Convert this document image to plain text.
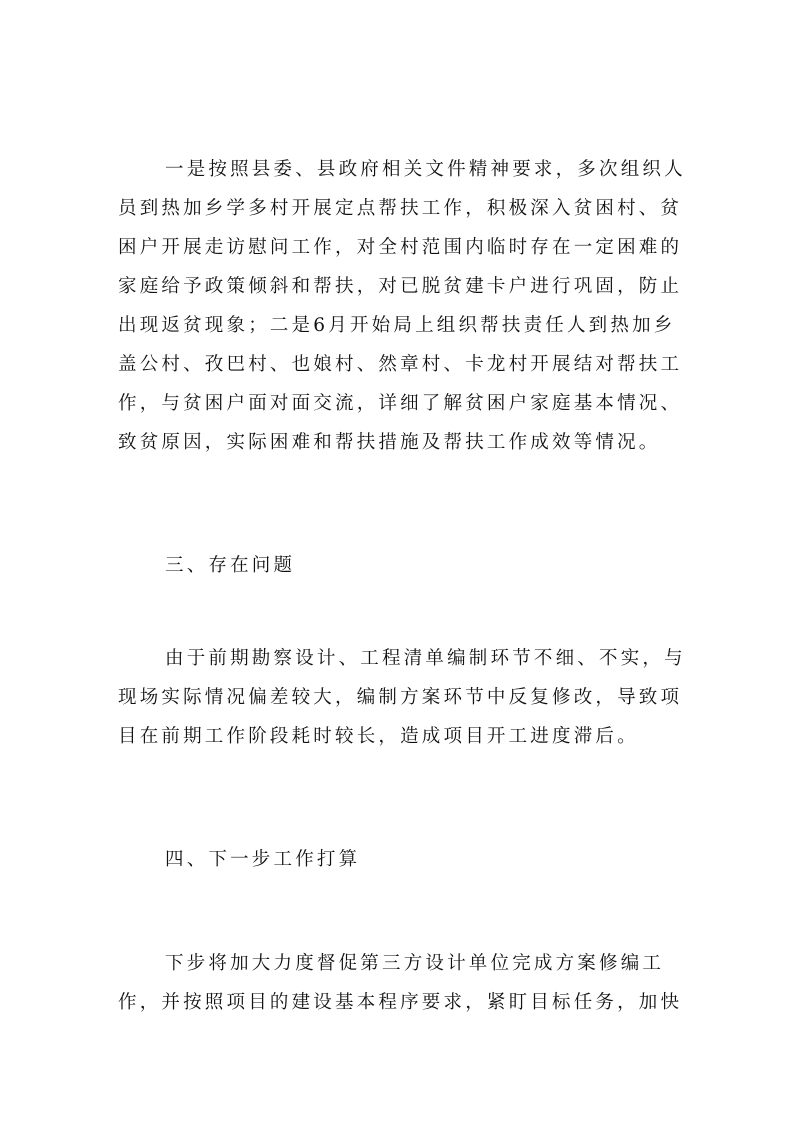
一是按照县委、县政府相关文件精神要求，多次组织人
员到热加乡学多村开展定点帮扶工作，积极深入贫困村、贫
困户开展走访慰问工作，对全村范围内临时存在一定困难的
家庭给予政策倾斜和帮扶，对已脱贫建卡户进行巩固，防止
出现返贫现象；二是6月开始局上组织帮扶责任人到热加乡
盖公村、孜巴村、也娘村、然章村、卡龙村开展结对帮扶工
作，与贫困户面对面交流，详细了解贫困户家庭基本情况、
致贫原因，实际困难和帮扶措施及帮扶工作成效等情况。
三、存在问题
由于前期勘察设计、工程清单编制环节不细、不实，与
现场实际情况偏差较大，编制方案环节中反复修改，导致项
目在前期工作阶段耗时较长，造成项目开工进度滞后。
四、下一步工作打算
下步将加大力度督促第三方设计单位完成方案修编工
作，并按照项目的建设基本程序要求，紧盯目标任务，加快
